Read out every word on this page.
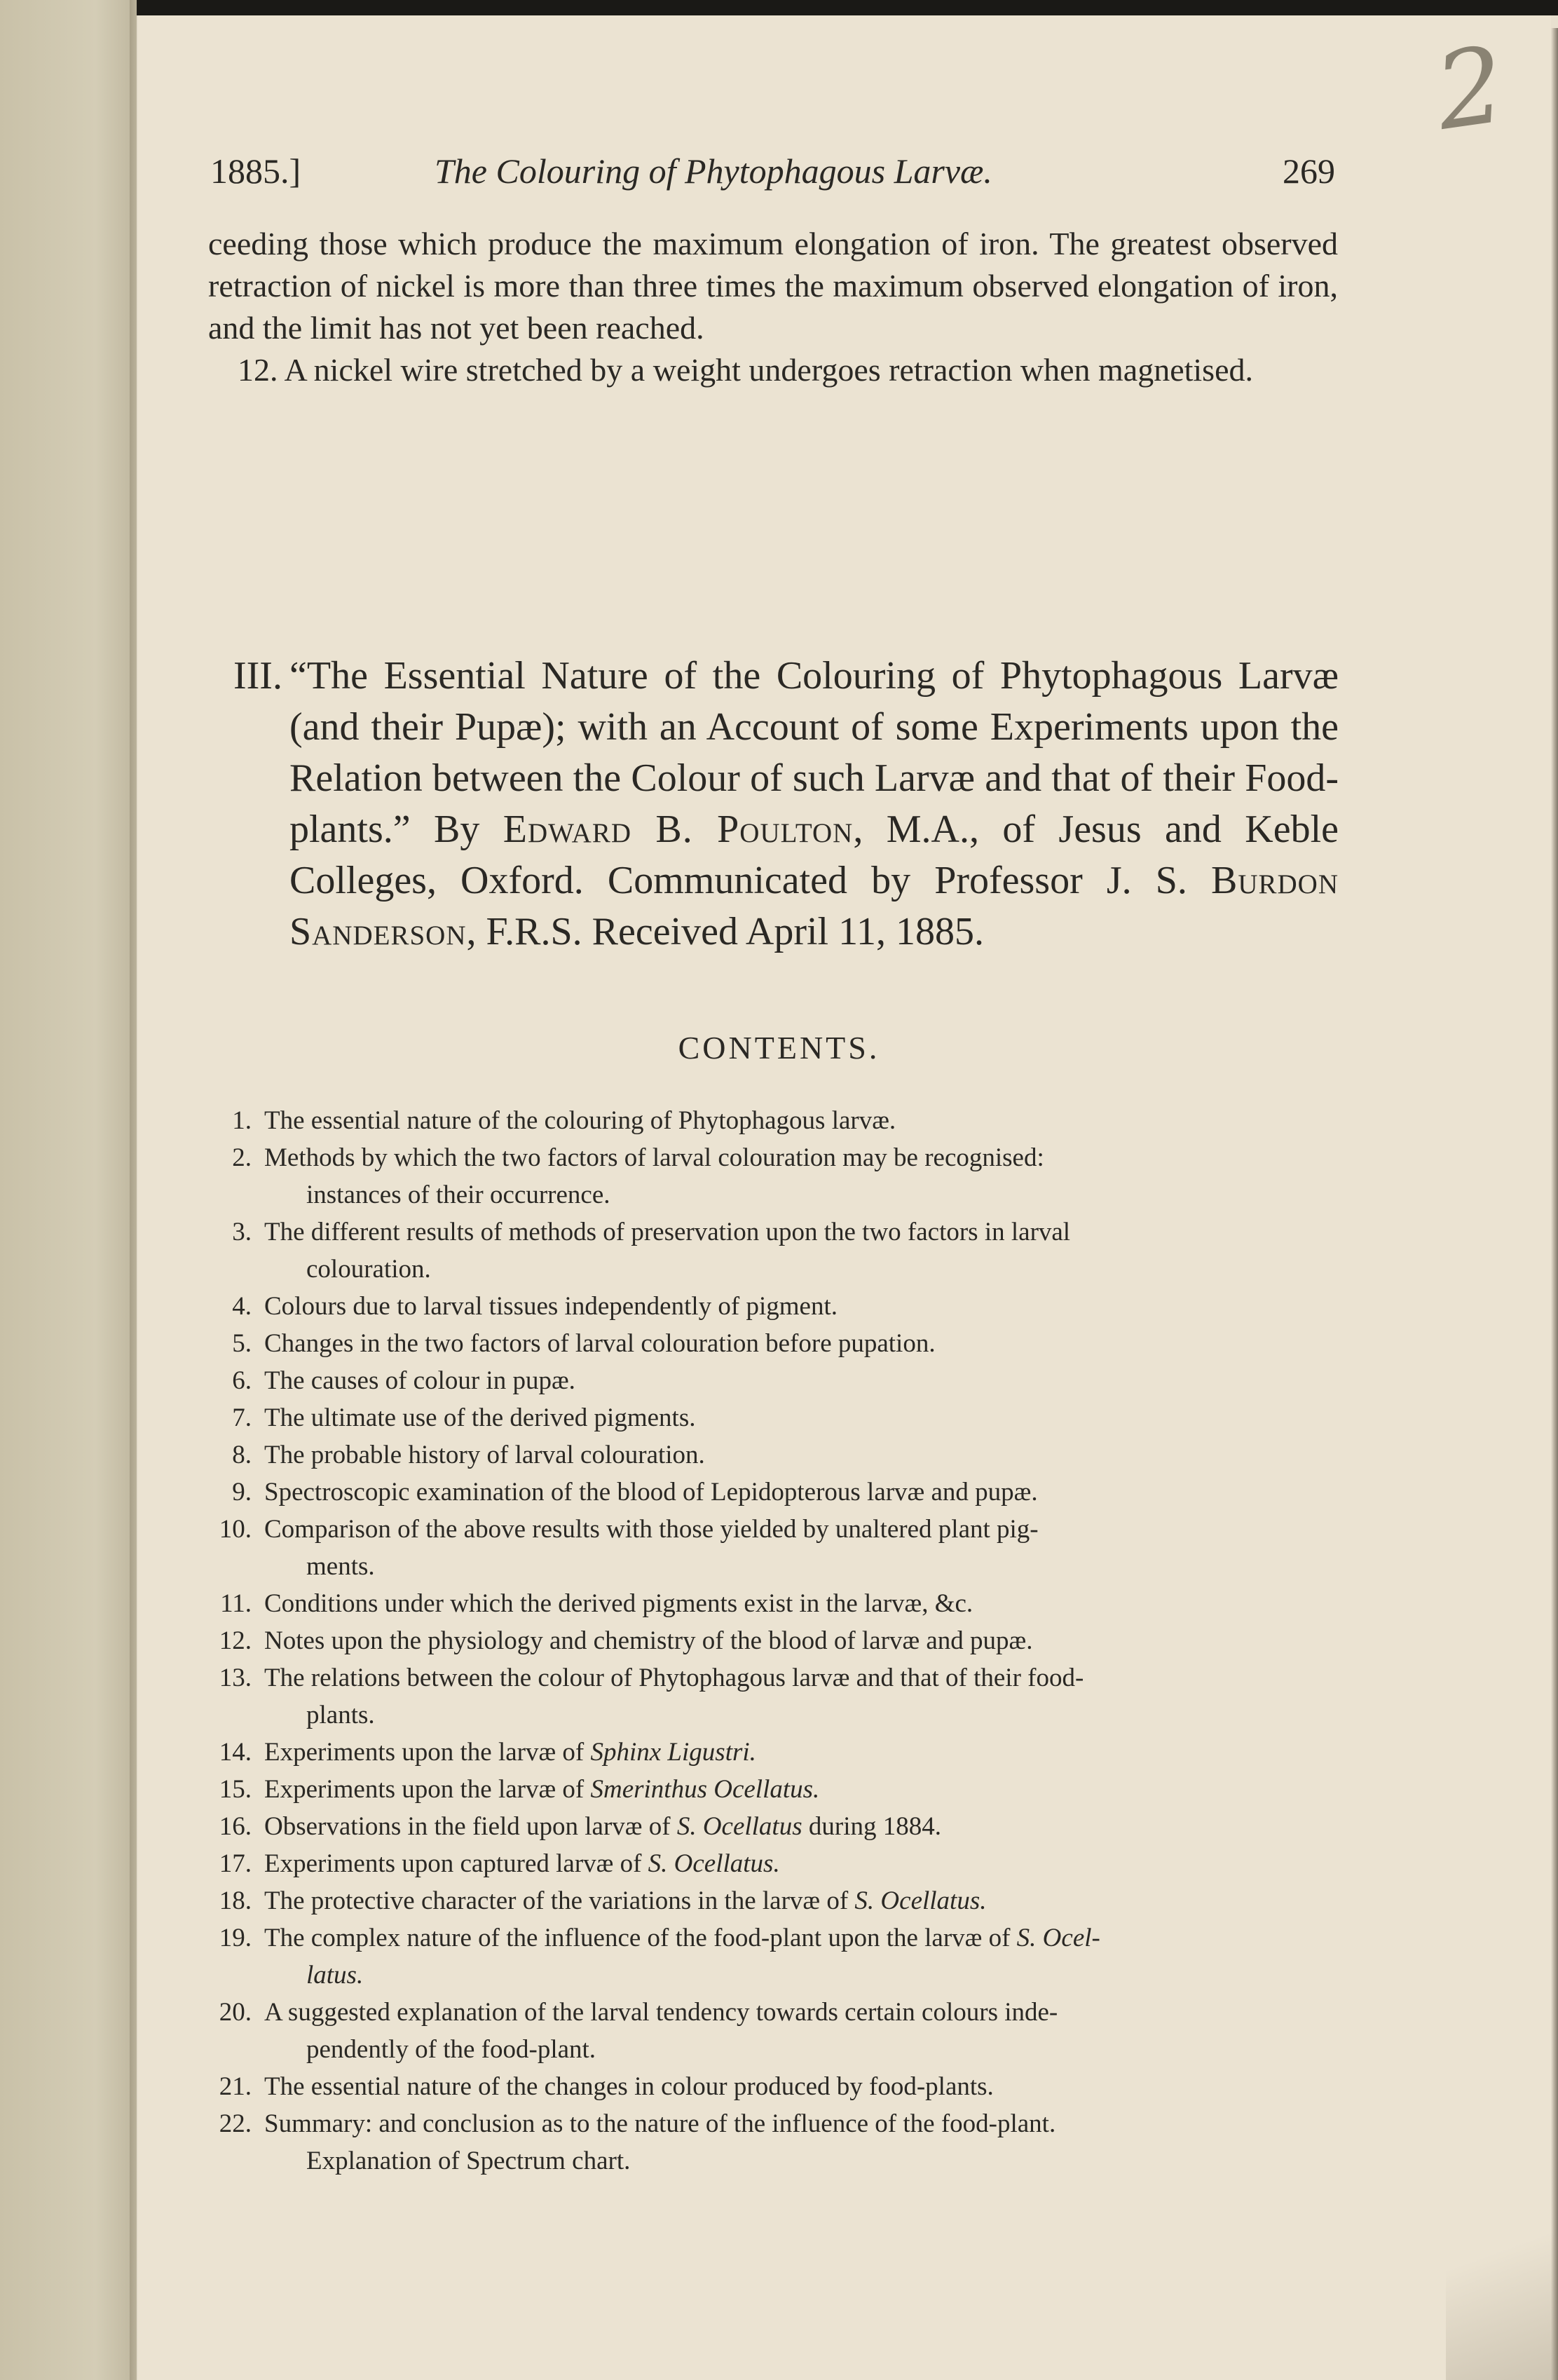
2
1885.]	The Colouring of Phytophagous Larvæ.	269

ceeding those which produce the maximum elongation of iron. The greatest observed retraction of nickel is more than three times the maximum observed elongation of iron, and the limit has not yet been reached.

12. A nickel wire stretched by a weight undergoes retraction when magnetised.

III. “The Essential Nature of the Colouring of Phytophagous Larvæ (and their Pupæ); with an Account of some Experiments upon the Relation between the Colour of such Larvæ and that of their Food-plants.” By Edward B. Poulton, M.A., of Jesus and Keble Colleges, Oxford. Communicated by Professor J. S. Burdon Sanderson, F.R.S. Received April 11, 1885.
CONTENTS.
1. The essential nature of the colouring of Phytophagous larvæ.
2. Methods by which the two factors of larval colouration may be recognised:
instances of their occurrence.
3. The different results of methods of preservation upon the two factors in larval
colouration.
4. Colours due to larval tissues independently of pigment.
5. Changes in the two factors of larval colouration before pupation.
6. The causes of colour in pupæ.
7. The ultimate use of the derived pigments.
8. The probable history of larval colouration.
9. Spectroscopic examination of the blood of Lepidopterous larvæ and pupæ.
10. Comparison of the above results with those yielded by unaltered plant pig-
ments.
11. Conditions under which the derived pigments exist in the larvæ, &c.
12. Notes upon the physiology and chemistry of the blood of larvæ and pupæ.
13. The relations between the colour of Phytophagous larvæ and that of their food-
plants.
14. Experiments upon the larvæ of Sphinx Ligustri.
15. Experiments upon the larvæ of Smerinthus Ocellatus.
16. Observations in the field upon larvæ of S. Ocellatus during 1884.
17. Experiments upon captured larvæ of S. Ocellatus.
18. The protective character of the variations in the larvæ of S. Ocellatus.
19. The complex nature of the influence of the food-plant upon the larvæ of S. Ocel-
latus.
20. A suggested explanation of the larval tendency towards certain colours inde-
pendently of the food-plant.
21. The essential nature of the changes in colour produced by food-plants.
22. Summary: and conclusion as to the nature of the influence of the food-plant.
Explanation of Spectrum chart.
